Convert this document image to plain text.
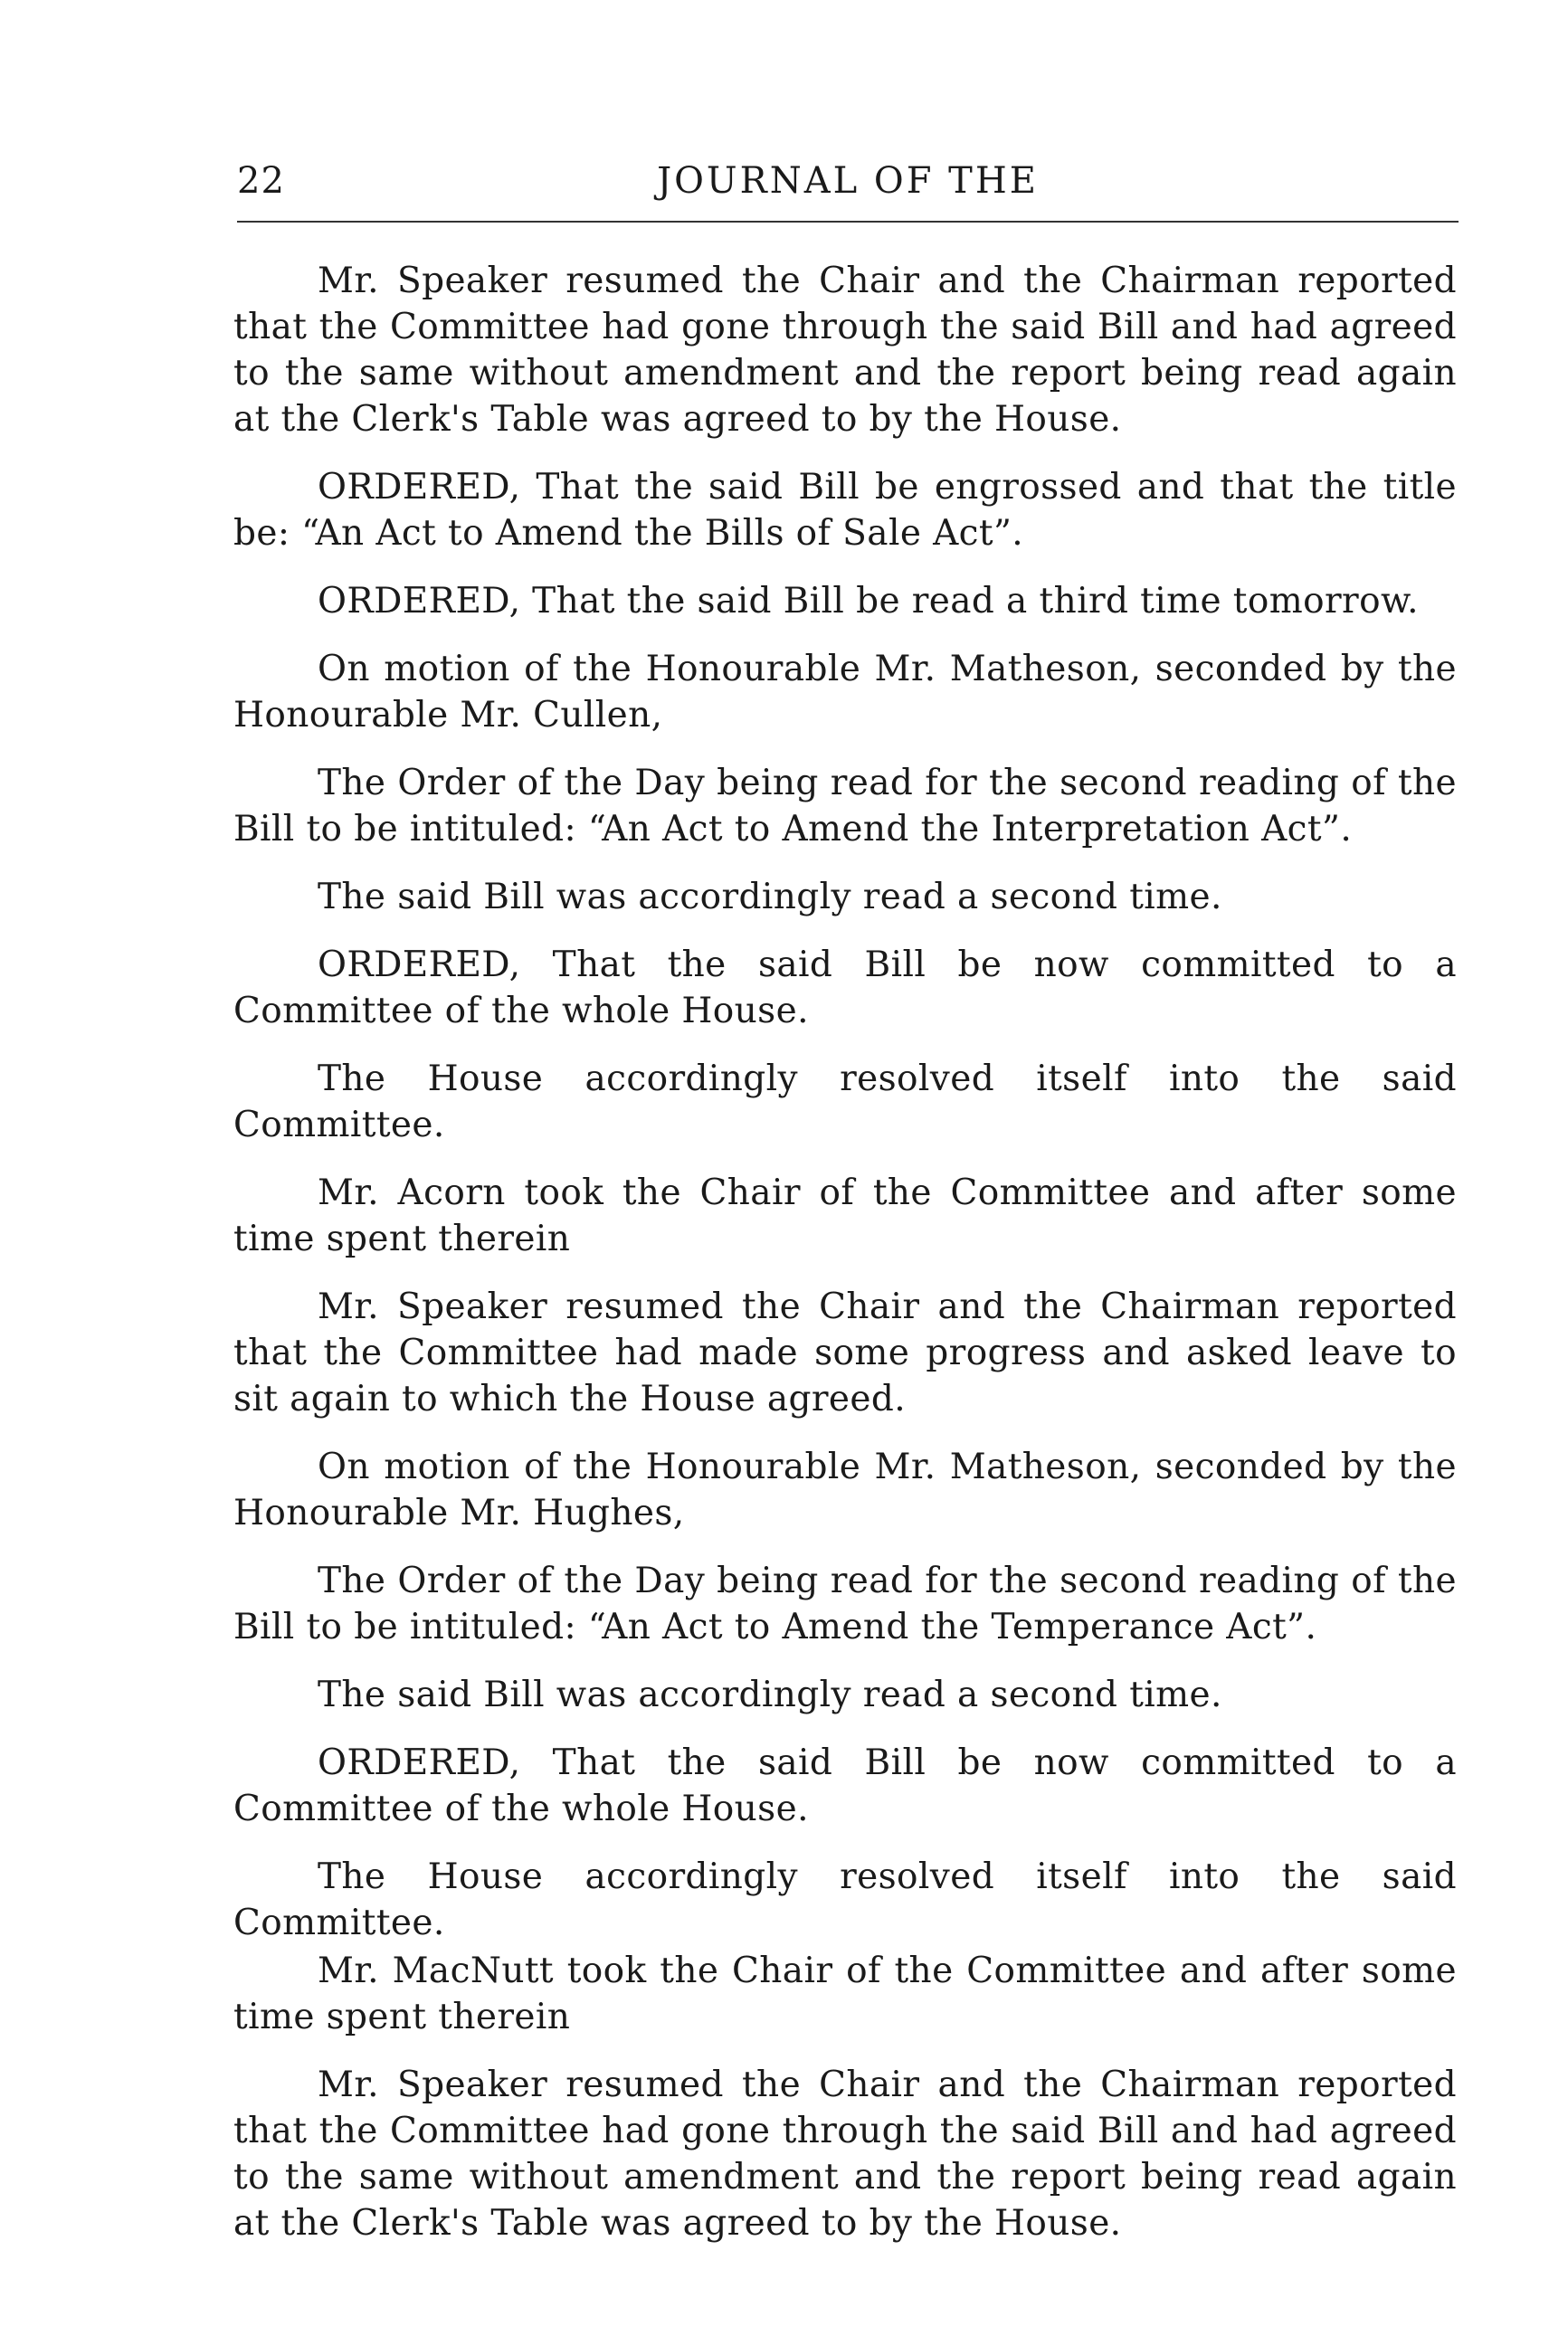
22	JOURNAL OF THE

Mr. Speaker resumed the Chair and the Chairman reported that the Committee had gone through the said Bill and had agreed to the same without amendment and the report being read again at the Clerk's Table was agreed to by the House.

ORDERED, That the said Bill be engrossed and that the title be: “An Act to Amend the Bills of Sale Act”.

ORDERED, That the said Bill be read a third time tomorrow.

On motion of the Honourable Mr. Matheson, seconded by the Honourable Mr. Cullen,

The Order of the Day being read for the second reading of the Bill to be intituled: “An Act to Amend the Interpretation Act”.

The said Bill was accordingly read a second time.

ORDERED, That the said Bill be now committed to a Committee of the whole House.

The House accordingly resolved itself into the said Committee.

Mr. Acorn took the Chair of the Committee and after some time spent therein

Mr. Speaker resumed the Chair and the Chairman reported that the Committee had made some progress and asked leave to sit again to which the House agreed.

On motion of the Honourable Mr. Matheson, seconded by the Honourable Mr. Hughes,

The Order of the Day being read for the second reading of the Bill to be intituled: “An Act to Amend the Temperance Act”.

The said Bill was accordingly read a second time.

ORDERED, That the said Bill be now committed to a Committee of the whole House.

The House accordingly resolved itself into the said Committee.

Mr. MacNutt took the Chair of the Committee and after some time spent therein

Mr. Speaker resumed the Chair and the Chairman reported that the Committee had gone through the said Bill and had agreed to the same without amendment and the report being read again at the Clerk's Table was agreed to by the House.
